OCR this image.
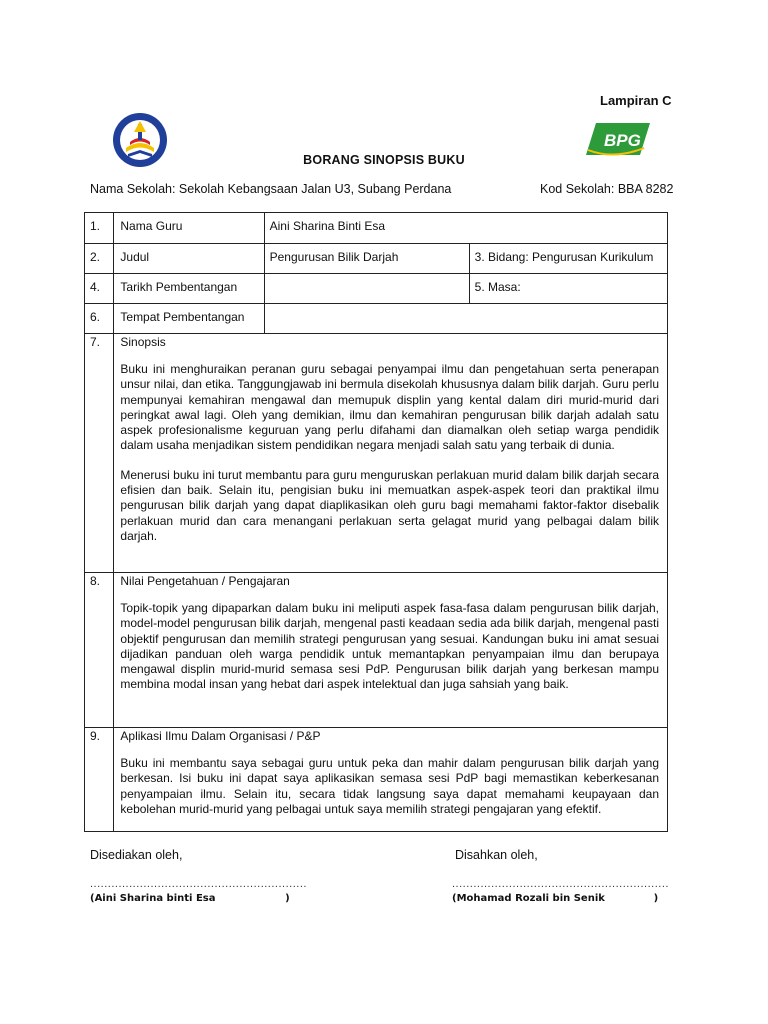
Lampiran C
BPG
BORANG SINOPSIS BUKU
Nama Sekolah: Sekolah Kebangsaan Jalan U3, Subang Perdana	Kod Sekolah: BBA 8282
1.	Nama Guru	Aini Sharina Binti Esa	
2.	Judul	Pengurusan Bilik Darjah	3. Bidang: Pengurusan Kurikulum
4.	Tarikh Pembentangan		5. Masa:
6.	Tempat Pembentangan		
7.	Sinopsis

Buku ini menghuraikan peranan guru sebagai penyampai ilmu dan pengetahuan serta penerapan unsur nilai, dan etika. Tanggungjawab ini bermula disekolah khususnya dalam bilik darjah. Guru perlu mempunyai kemahiran mengawal dan memupuk displin yang kental dalam diri murid-murid dari peringkat awal lagi. Oleh yang demikian, ilmu dan kemahiran pengurusan bilik darjah adalah satu aspek profesionalisme keguruan yang perlu difahami dan diamalkan oleh setiap warga pendidik dalam usaha menjadikan sistem pendidikan negara menjadi salah satu yang terbaik di dunia.

Menerusi buku ini turut membantu para guru menguruskan perlakuan murid dalam bilik darjah secara efisien dan baik. Selain itu, pengisian buku ini memuatkan aspek-aspek teori dan praktikal ilmu pengurusan bilik darjah yang dapat diaplikasikan oleh guru bagi memahami faktor-faktor disebalik perlakuan murid dan cara menangani perlakuan serta gelagat murid yang pelbagai dalam bilik darjah.		

8.	Nilai Pengetahuan / Pengajaran

Topik-topik yang dipaparkan dalam buku ini meliputi aspek fasa-fasa dalam pengurusan bilik darjah, model-model pengurusan bilik darjah, mengenal pasti keadaan sedia ada bilik darjah, mengenal pasti objektif pengurusan dan memilih strategi pengurusan yang sesuai. Kandungan buku ini amat sesuai dijadikan panduan oleh warga pendidik untuk memantapkan penyampaian ilmu dan berupaya mengawal displin murid-murid semasa sesi PdP. Pengurusan bilik darjah yang berkesan mampu membina modal insan yang hebat dari aspek intelektual dan juga sahsiah yang baik.		

9.	Aplikasi Ilmu Dalam Organisasi / P&P

Buku ini membantu saya sebagai guru untuk peka dan mahir dalam pengurusan bilik darjah yang berkesan. Isi buku ini dapat saya aplikasikan semasa sesi PdP bagi memastikan keberkesanan penyampaian ilmu. Selain itu, secara tidak langsung saya dapat memahami keupayaan dan kebolehan murid-murid yang pelbagai untuk saya memilih strategi pengajaran yang efektif.		

Disediakan oleh,	Disahkan oleh,
.............................................................	.............................................................
(Aini Sharina binti Esa                    )	(Mohamad Rozali bin Senik              )
